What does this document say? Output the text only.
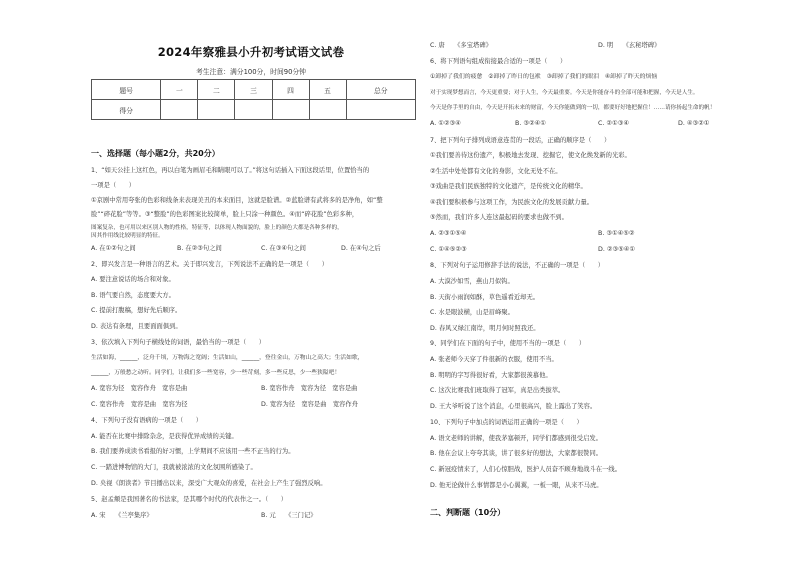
2024年察雅县小升初考试语文试卷
考生注意：满分100分，时间90分钟
题号	一	二	三	四	五	总分
得分						
一、选择题（每小题2分，共20分）
1、“如天公挂上这红色，再以白笔为画眉毛和睛眼可以了。”将这句话插入下面这段话里，位置恰当的
一项是（　　）
①京剧中常用夸张的色彩和线条来表现美丑的本来面目，这就是脸谱。②蓝脸谱有武将多的是净角，如“整
脸”“碎花脸”等等。③“整脸”的色彩图案比较简单，脸上只涂一种颜色。④而“碎花脸”色彩多种，
图案复杂，也可用以来区别人物的性格，特征等，以体现人物面貌的，脸上的颜色大都是各种多样的，
因其作用线比较明显的特征。
A. 在①②句之间	B. 在②③句之间	C. 在③④句之间	D. 在④句之后
2、即兴发言是一种语言的艺术。关于即兴发言，下列说法不正确的是一项是（　　）
A. 要注意说话的场合和对象。
B. 语气要自然，态度要大方。
C. 提前打腹稿，想好先后顺序。
D. 表达有条理，且要面面俱到。
3、依次填入下列句子横线处的词语，最恰当的一项是（　　）
生活如海，______，泛舟千顷，万物海之宽阔；生活如山，______，登往金山，万物山之高大；生活如歌，
______，万般愁之动听。同学们，让我们多一些宽容，少一些苛刻，多一些反思，少一些狭隘吧！
A. 宽容为径　宽容作舟　宽容是曲	B. 宽容作舟　宽容为径　宽容是曲
C. 宽容作舟　宽容是曲　宽容为径	D. 宽容为径　宽容是曲　宽容作舟
4、下列句子没有语病的一项是（　　）
A. 能否在比赛中排除杂念，是获得优异成绩的关键。
B. 我们要养成读书看报的好习惯，上学期间不应该用一些不正当的行为。
C. 一踏进博物馆的大门，我就被浓浓的文化氛围所感染了。
D. 央视《朗读者》节目播出以来，深受广大观众的喜爱，在社会上产生了强烈反响。
5、赵孟頫是我国著名的书法家，是其哪个时代的代表作之一。（　　）
A. 宋　　《兰亭集序》	B. 元　　《三门记》
C. 唐　　《多宝塔碑》	D. 明　　《玄秘塔碑》
6、将下列语句组成衔接最合适的一项是（　　）
①卸掉了我们的疲惫　②卸掉了昨日的包袱　③卸掉了我们的眼泪　④卸掉了昨天的烦恼
对于实现梦想而言，今天更重要；对于人生，今天最重要。今天是你能奋斗的全部可能和把握，今天是人生。
今天是你手里的自由，今天是开拓未来的财富，今天你能做到的一切，都要好好地把握住！……请你扬起生命的帆！
A. ①②③④	B. ③②④①	C. ②①③④	D. ④③②①
7、把下列句子排列成语意连贯的一段话，正确的顺序是（　　）
①我们要善待这份遗产，积极地去发现、挖掘它，使文化焕发新的光彩。
②生活中处处都有文化的身影，文化无处不在。
③戏曲是我们民族独特的文化遗产，是传统文化的精华。
④我们要积极参与这项工作，为民族文化的发展贡献力量。
⑤然而，我们许多人连这最起码的要求也做不到。
A. ②③①⑤④	B. ③①④⑤②
C. ①④⑤②③	D. ②③⑤④①
8、下列对句子运用修辞手法的说法，不正确的一项是（　　）
A. 大漠沙如雪，燕山月似钩。
B. 天街小雨润如酥，草色遥看近却无。
C. 水是眼波横，山是眉峰聚。
D. 春风又绿江南岸，明月何时照我还。
9、同学们在下面的句子中，使用不当的一项是（　　）
A. 张老师今天穿了件很新的衣服，使用不当。
B. 明明的字写得很好看，大家都很羡慕他。
C. 这次比赛我们班取得了冠军，真是出类拔萃。
D. 王大爷听说了这个消息，心里很高兴，脸上露出了笑容。
10、下列句子中加点的词语运用正确的一项是（　　）
A. 语文老师的讲解，使我茅塞顿开，同学们都感到很受启发。
B. 他在会议上夸夸其谈，讲了很多好的想法，大家都很赞同。
C. 新冠疫情来了，人们心惊胆战，医护人员奋不顾身地战斗在一线。
D. 他无论做什么事情都是小心翼翼，一板一眼，从来不马虎。
二、判断题（10分）
